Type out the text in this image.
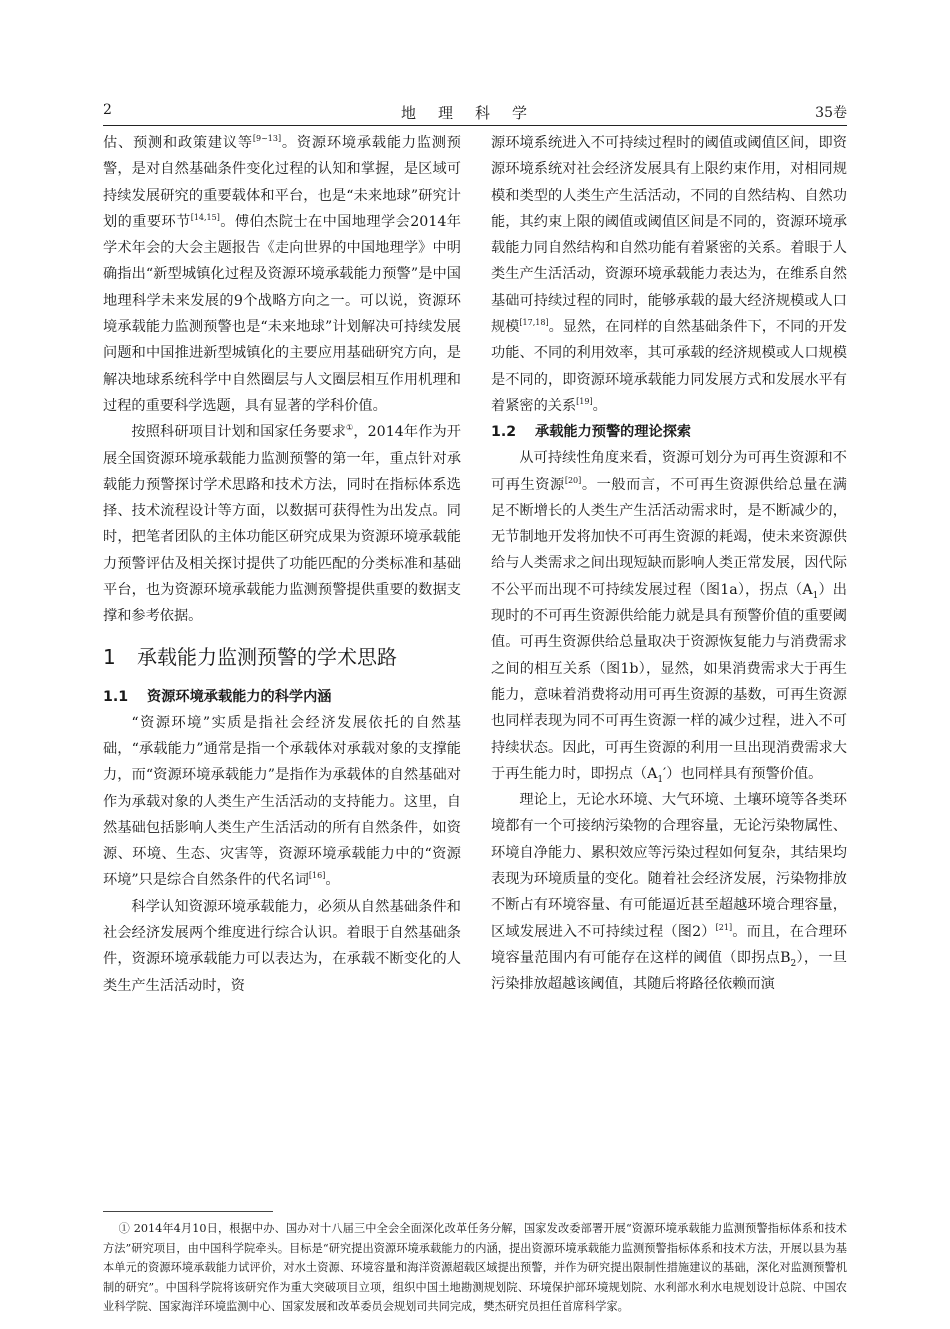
2	地理科学	35卷

估、预测和政策建议等[9~13]。资源环境承载能力监测预警，是对自然基础条件变化过程的认知和掌握，是区域可持续发展研究的重要载体和平台，也是“未来地球”研究计划的重要环节[14,15]。傅伯杰院士在中国地理学会2014年学术年会的大会主题报告《走向世界的中国地理学》中明确指出“新型城镇化过程及资源环境承载能力预警”是中国地理科学未来发展的9个战略方向之一。可以说，资源环境承载能力监测预警也是“未来地球”计划解决可持续发展问题和中国推进新型城镇化的主要应用基础研究方向，是解决地球系统科学中自然圈层与人文圈层相互作用机理和过程的重要科学选题，具有显著的学科价值。

按照科研项目计划和国家任务要求①，2014年作为开展全国资源环境承载能力监测预警的第一年，重点针对承载能力预警探讨学术思路和技术方法，同时在指标体系选择、技术流程设计等方面，以数据可获得性为出发点。同时，把笔者团队的主体功能区研究成果为资源环境承载能力预警评估及相关探讨提供了功能匹配的分类标准和基础平台，也为资源环境承载能力监测预警提供重要的数据支撑和参考依据。

1 承载能力监测预警的学术思路
1.1 资源环境承载能力的科学内涵

“资源环境”实质是指社会经济发展依托的自然基础，“承载能力”通常是指一个承载体对承载对象的支撑能力，而“资源环境承载能力”是指作为承载体的自然基础对作为承载对象的人类生产生活活动的支持能力。这里，自然基础包括影响人类生产生活活动的所有自然条件，如资源、环境、生态、灾害等，资源环境承载能力中的“资源环境”只是综合自然条件的代名词[16]。

科学认知资源环境承载能力，必须从自然基础条件和社会经济发展两个维度进行综合认识。着眼于自然基础条件，资源环境承载能力可以表达为，在承载不断变化的人类生产生活活动时，资

源环境系统进入不可持续过程时的阈值或阈值区间，即资源环境系统对社会经济发展具有上限约束作用，对相同规模和类型的人类生产生活活动，不同的自然结构、自然功能，其约束上限的阈值或阈值区间是不同的，资源环境承载能力同自然结构和自然功能有着紧密的关系。着眼于人类生产生活活动，资源环境承载能力表达为，在维系自然基础可持续过程的同时，能够承载的最大经济规模或人口规模[17,18]。显然，在同样的自然基础条件下，不同的开发功能、不同的利用效率，其可承载的经济规模或人口规模是不同的，即资源环境承载能力同发展方式和发展水平有着紧密的关系[19]。

1.2 承载能力预警的理论探索

从可持续性角度来看，资源可划分为可再生资源和不可再生资源[20]。一般而言，不可再生资源供给总量在满足不断增长的人类生产生活活动需求时，是不断减少的，无节制地开发将加快不可再生资源的耗竭，使未来资源供给与人类需求之间出现短缺而影响人类正常发展，因代际不公平而出现不可持续发展过程（图1a），拐点$(A_1)$出现时的不可再生资源供给能力就是具有预警价值的重要阈值。可再生资源供给总量取决于资源恢复能力与消费需求之间的相互关系（图1b），显然，如果消费需求大于再生能力，意味着消费将动用可再生资源的基数，可再生资源也同样表现为同不可再生资源一样的减少过程，进入不可持续状态。因此，可再生资源的利用一旦出现消费需求大于再生能力时，即拐点$(A_1')$也同样具有预警价值。

理论上，无论水环境、大气环境、土壤环境等各类环境都有一个可接纳污染物的合理容量，无论污染物属性、环境自净能力、累积效应等污染过程如何复杂，其结果均表现为环境质量的变化。随着社会经济发展，污染物排放不断占有环境容量、有可能逼近甚至超越环境合理容量，区域发展进入不可持续过程（图2）[21]。而且，在合理环境容量范围内有可能存在这样的阈值（即拐点$B_2$），一旦污染排放超越该阈值，其随后将路径依赖而演

① 2014年4月10日，根据中办、国办对十八届三中全会全面深化改革任务分解，国家发改委部署开展“资源环境承载能力监测预警指标体系和技术方法”研究项目，由中国科学院牵头。目标是“研究提出资源环境承载能力的内涵，提出资源环境承载能力监测预警指标体系和技术方法，开展以县为基本单元的资源环境承载能力试评价，对水土资源、环境容量和海洋资源超载区域提出预警，并作为研究提出限制性措施建议的基础，深化对监测预警机制的研究”。中国科学院将该研究作为重大突破项目立项，组织中国土地勘测规划院、环境保护部环境规划院、水利部水利水电规划设计总院、中国农业科学院、国家海洋环境监测中心、国家发展和改革委员会规划司共同完成，樊杰研究员担任首席科学家。
